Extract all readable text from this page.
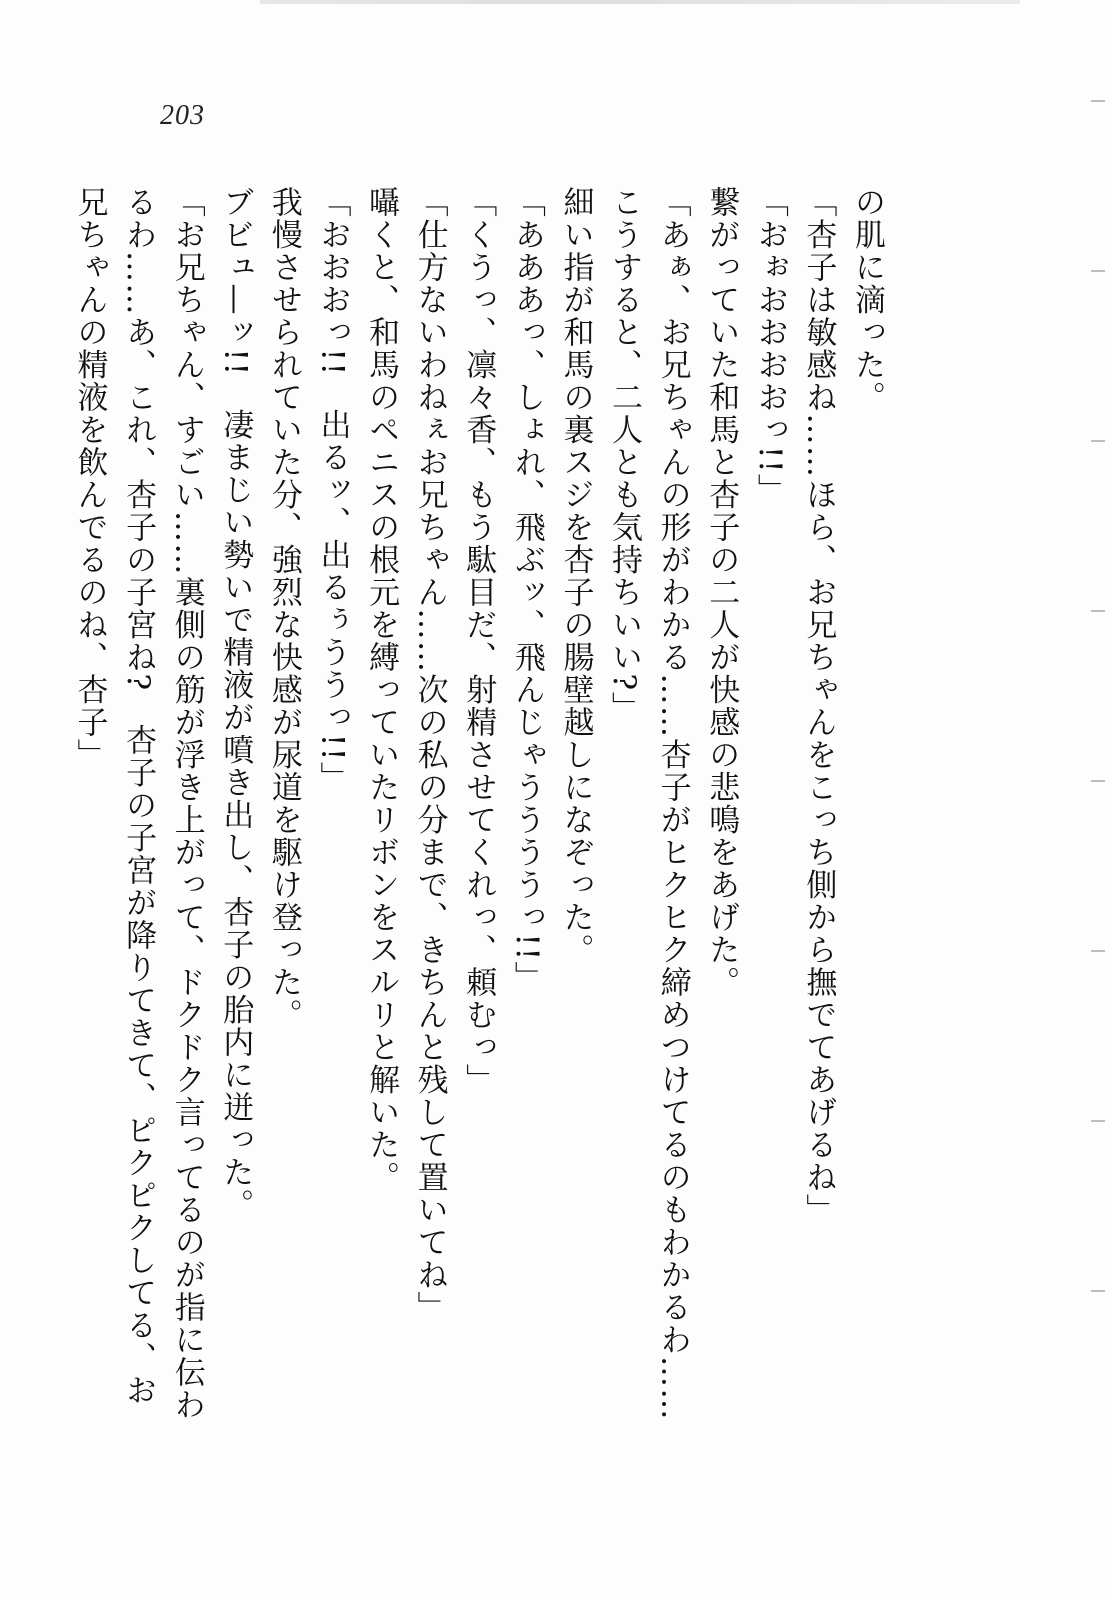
203
の肌に滴った。
「杏子は敏感ね……ほら、お兄ちゃんをこっち側から撫でてあげるね」
「おぉおおおおっ!!」
繋がっていた和馬と杏子の二人が快感の悲鳴をあげた。
「あぁ、お兄ちゃんの形がわかる……杏子がヒクヒク締めつけてるのもわかるわ……
こうすると、二人とも気持ちいい?」
細い指が和馬の裏スジを杏子の腸壁越しになぞった。
「あああっ、しょれ、飛ぶッ、飛んじゃううううっ!!」
「くうっ、凛々香、もう駄目だ、射精させてくれっ、頼むっ」
「仕方ないわねぇお兄ちゃん……次の私の分まで、きちんと残して置いてね」
囁くと、和馬のペニスの根元を縛っていたリボンをスルリと解いた。
「おおおっ!!　出るッ、出るぅううっ!!」
我慢させられていた分、強烈な快感が尿道を駆け登った。
ブビュ—ッ!!　凄まじい勢いで精液が噴き出し、杏子の胎内に迸った。
「お兄ちゃん、すごい……裏側の筋が浮き上がって、ドクドク言ってるのが指に伝わ
るわ……あ、これ、杏子の子宮ね?　杏子の子宮が降りてきて、ピクピクしてる、お
兄ちゃんの精液を飲んでるのね、杏子」
